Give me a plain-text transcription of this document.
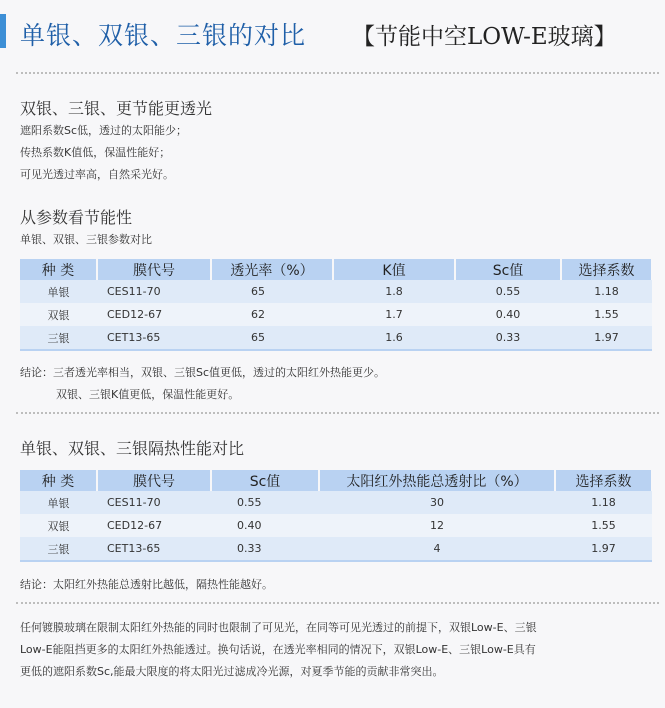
单银、双银、三银的对比 【节能中空LOW-E玻璃】
双银、三银、更节能更透光
遮阳系数Sc低，透过的太阳能少；
传热系数K值低，保温性能好；
可见光透过率高，自然采光好。
从参数看节能性
单银、双银、三银参数对比
种 类	膜代号	透光率（%）	K值	Sc值	选择系数
单银	CES11-70	65	1.8	0.55	1.18
双银	CED12-67	62	1.7	0.40	1.55
三银	CET13-65	65	1.6	0.33	1.97
结论：三者透光率相当，双银、三银Sc值更低，透过的太阳红外热能更少。
双银、三银K值更低，保温性能更好。
单银、双银、三银隔热性能对比
种 类	膜代号	Sc值	太阳红外热能总透射比（%）	选择系数
单银	CES11-70	0.55	30	1.18
双银	CED12-67	0.40	12	1.55
三银	CET13-65	0.33	4	1.97
结论：太阳红外热能总透射比越低，隔热性能越好。
任何镀膜玻璃在限制太阳红外热能的同时也限制了可见光，在同等可见光透过的前提下，双银Low-E、三银
Low-E能阻挡更多的太阳红外热能透过。换句话说，在透光率相同的情况下，双银Low-E、三银Low-E具有
更低的遮阳系数Sc,能最大限度的将太阳光过滤成冷光源，对夏季节能的贡献非常突出。
